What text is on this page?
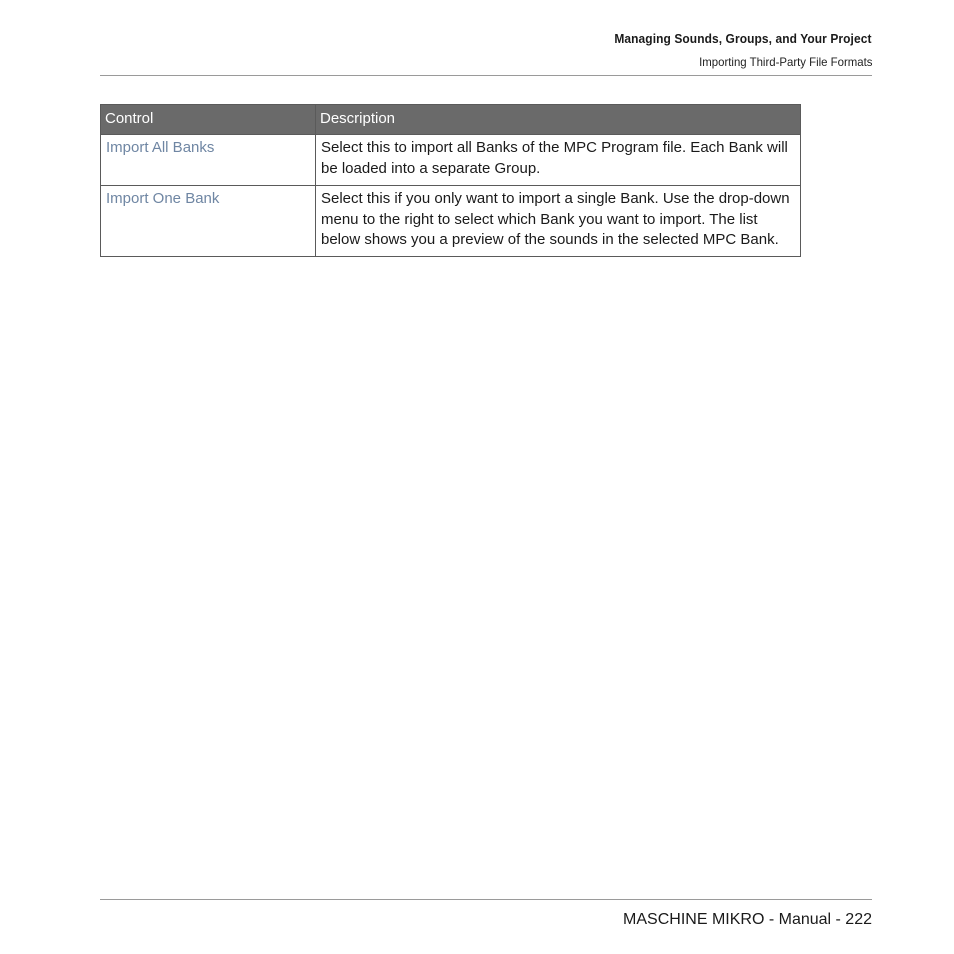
Managing Sounds, Groups, and Your Project
Importing Third-Party File Formats
Control	Description
Import All Banks	Select this to import all Banks of the MPC Program file. Each Bank will be loaded into a separate Group.
Import One Bank	Select this if you only want to import a single Bank. Use the drop-down menu to the right to select which Bank you want to import. The list below shows you a preview of the sounds in the selected MPC Bank.
MASCHINE MIKRO - Manual - 222
